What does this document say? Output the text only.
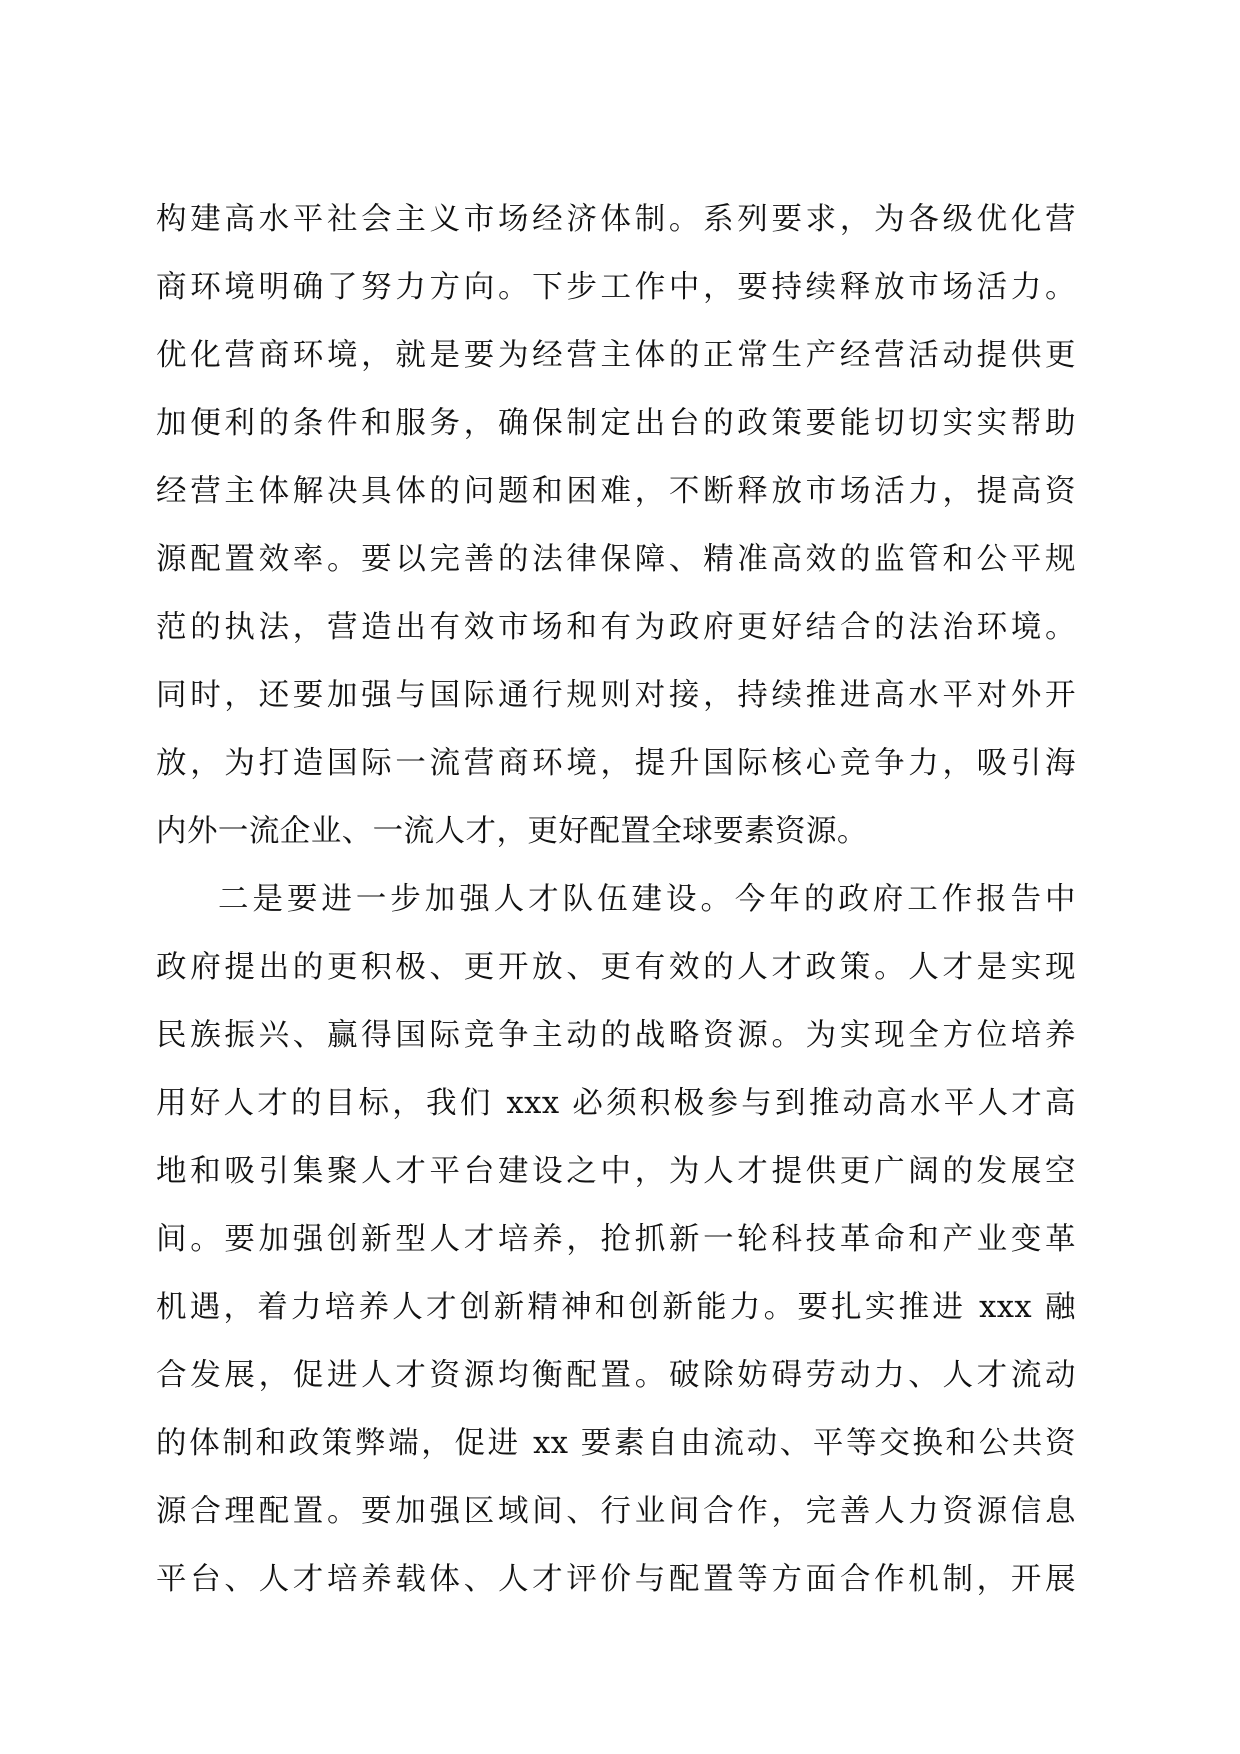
构建高水平社会主义市场经济体制。系列要求，为各级优化营
商环境明确了努力方向。下步工作中，要持续释放市场活力。
优化营商环境，就是要为经营主体的正常生产经营活动提供更
加便利的条件和服务，确保制定出台的政策要能切切实实帮助
经营主体解决具体的问题和困难，不断释放市场活力，提高资
源配置效率。要以完善的法律保障、精准高效的监管和公平规
范的执法，营造出有效市场和有为政府更好结合的法治环境。
同时，还要加强与国际通行规则对接，持续推进高水平对外开
放，为打造国际一流营商环境，提升国际核心竞争力，吸引海
内外一流企业、一流人才，更好配置全球要素资源。
二是要进一步加强人才队伍建设。今年的政府工作报告中
政府提出的更积极、更开放、更有效的人才政策。人才是实现
民族振兴、赢得国际竞争主动的战略资源。为实现全方位培养
用好人才的目标，我们 xxx 必须积极参与到推动高水平人才高
地和吸引集聚人才平台建设之中，为人才提供更广阔的发展空
间。要加强创新型人才培养，抢抓新一轮科技革命和产业变革
机遇，着力培养人才创新精神和创新能力。要扎实推进 xxx 融
合发展，促进人才资源均衡配置。破除妨碍劳动力、人才流动
的体制和政策弊端，促进 xx 要素自由流动、平等交换和公共资
源合理配置。要加强区域间、行业间合作，完善人力资源信息
平台、人才培养载体、人才评价与配置等方面合作机制，开展
